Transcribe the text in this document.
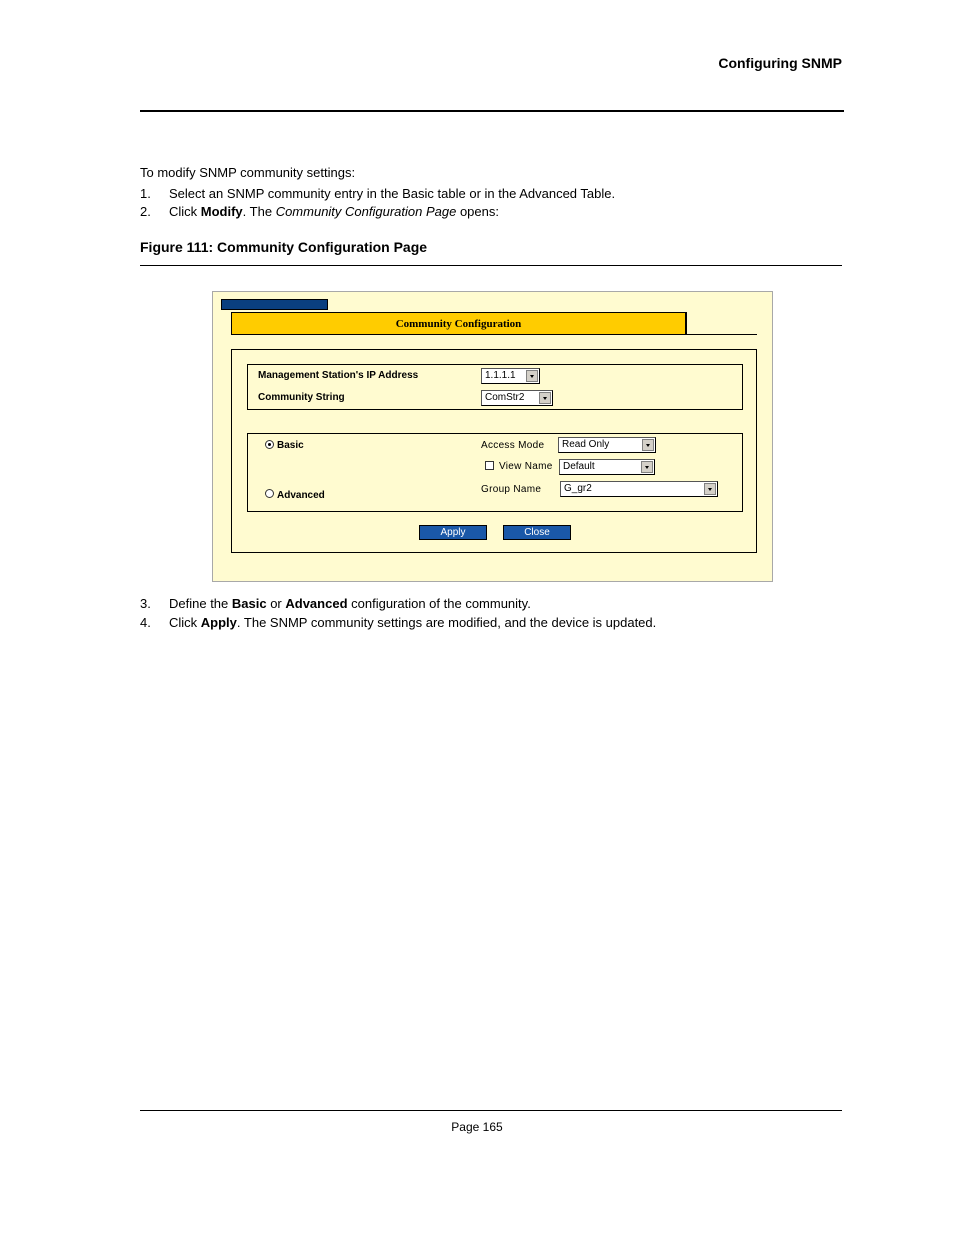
Configuring SNMP
To modify SNMP community settings:
1. Select an SNMP community entry in the Basic table or in the Advanced Table.
2. Click Modify. The Community Configuration Page opens:
Figure 111: Community Configuration Page
Community Configuration
Management Station's IP Address	1.1.1.1
Community String	ComStr2
Basic
Advanced
Access Mode	Read Only
View Name	Default
Group Name	G_gr2
Apply	Close
3. Define the Basic or Advanced configuration of the community.
4. Click Apply. The SNMP community settings are modified, and the device is updated.
Page 165
